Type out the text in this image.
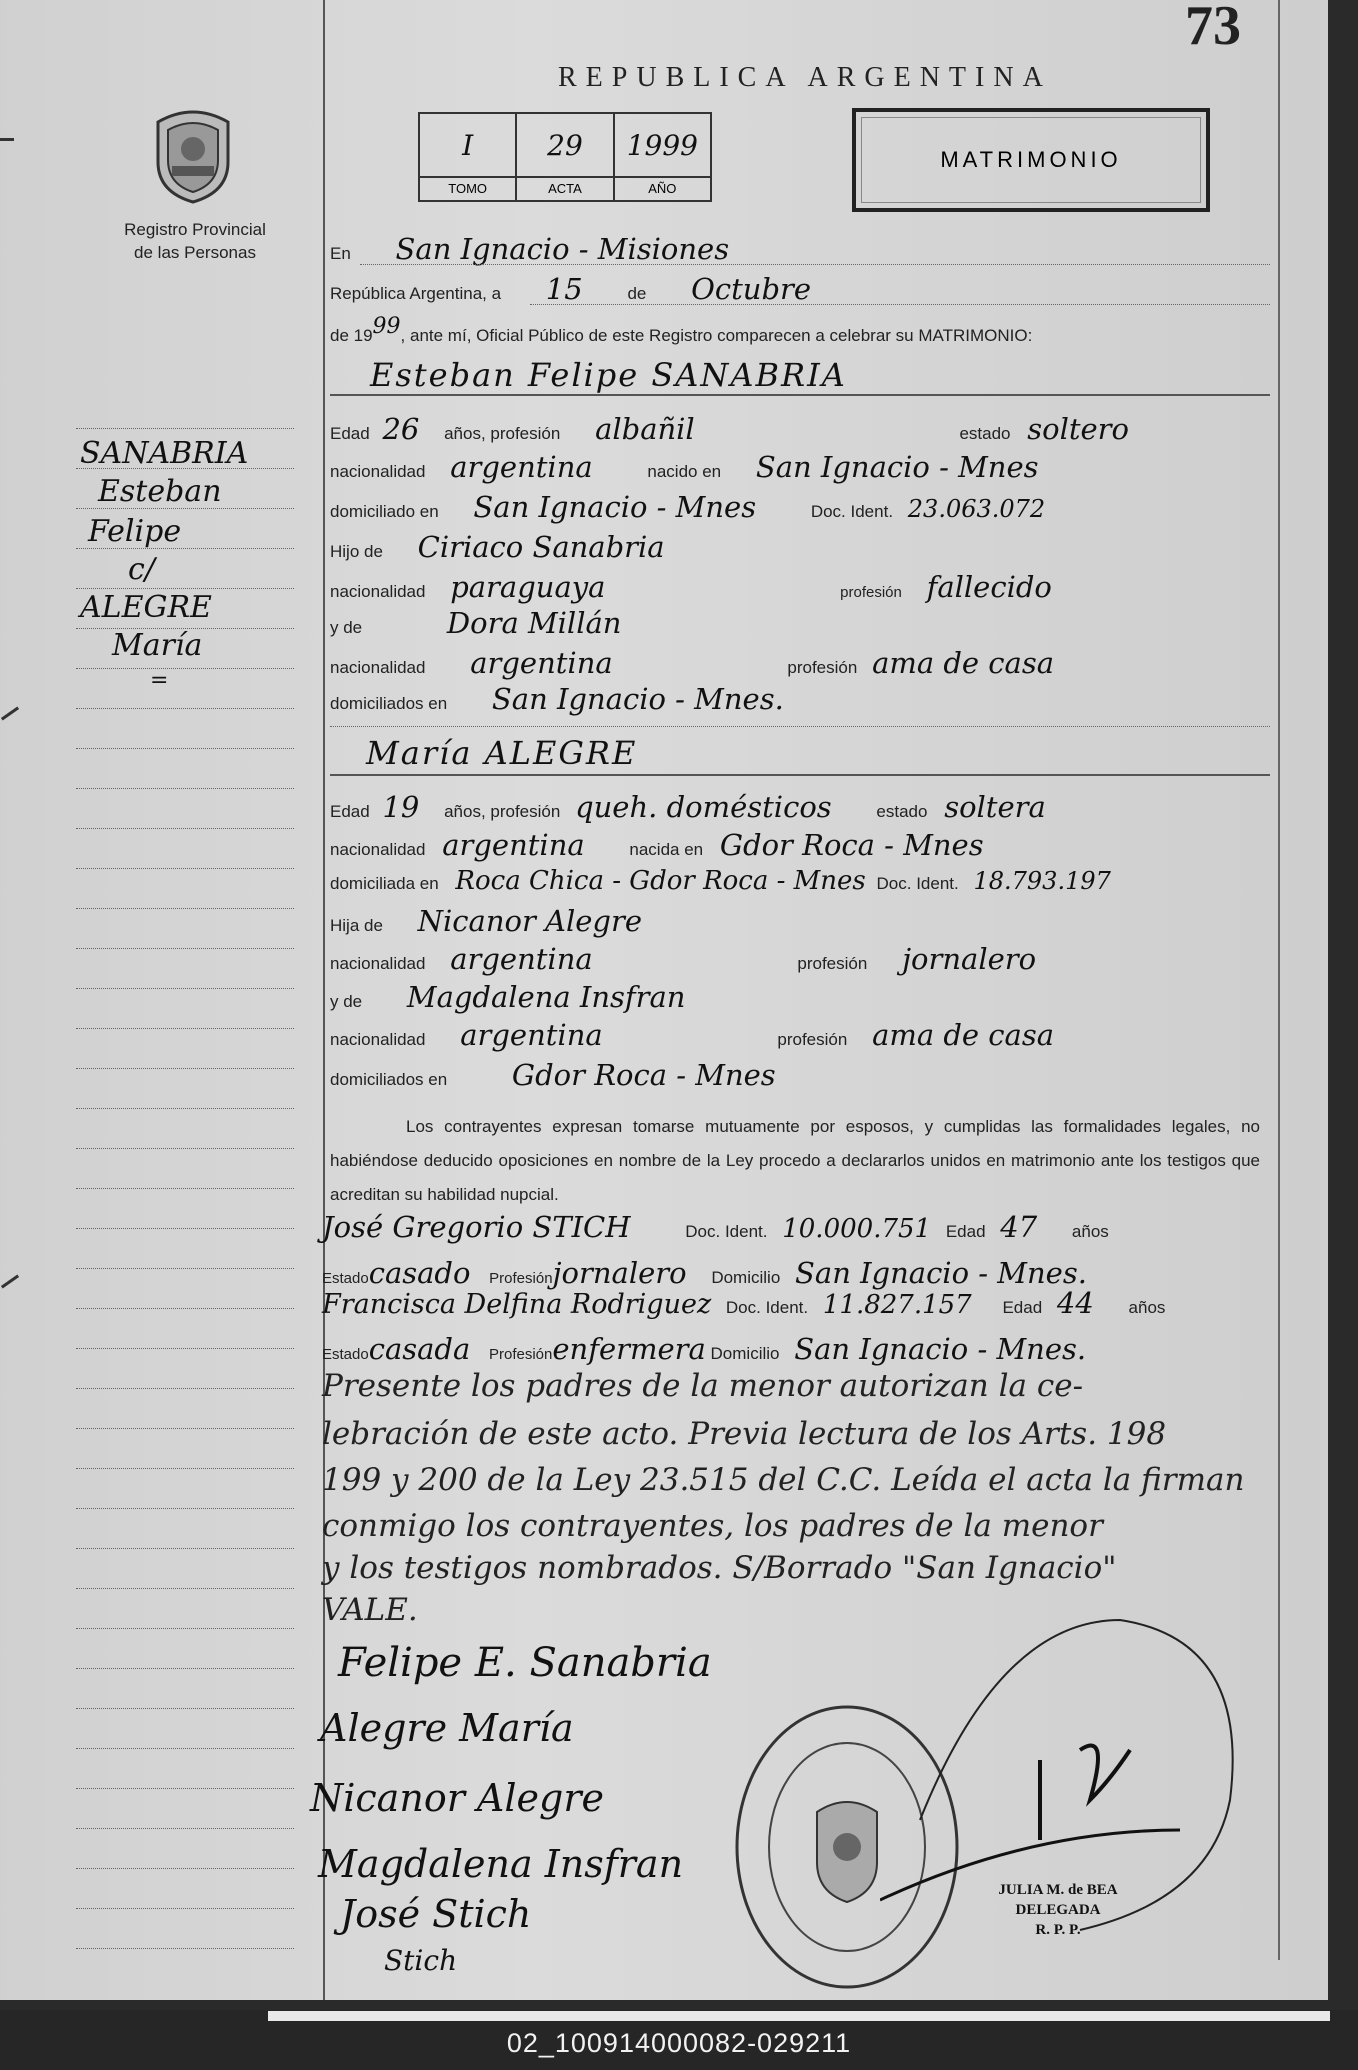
73
REPUBLICA ARGENTINA
Registro Provincial
de las Personas
I
TOMO
29
ACTA
1999
AÑO
MATRIMONIO
SANABRIA
Esteban
Felipe
c/
ALEGRE
María
=
En San Ignacio - Misiones
República Argentina, a 15	de Octubre
de 1999, ante mí, Oficial Público de este Registro comparecen a celebrar su MATRIMONIO:
Esteban Felipe SANABRIA
Edad 26 años, profesión albañil	estado soltero
nacionalidad argentina	nacido en San Ignacio - Mnes
domiciliado en San Ignacio - Mnes	Doc. Ident. 23.063.072
Hijo de Ciriaco Sanabria
nacionalidad paraguaya	profesión fallecido
y de	Dora Millán
nacionalidad argentina	profesión ama de casa
domiciliados en San Ignacio - Mnes.
María ALEGRE
Edad 19 años, profesión queh. domésticos	estado soltera
nacionalidad argentina	nacida en Gdor Roca - Mnes
domiciliada en Roca Chica - Gdor Roca - Mnes Doc. Ident. 18.793.197
Hija de Nicanor Alegre
nacionalidad argentina	profesión jornalero
y de Magdalena Insfran
nacionalidad argentina	profesión ama de casa
domiciliados en Gdor Roca - Mnes
Los contrayentes expresan tomarse mutuamente por esposos, y cumplidas las formalidades legales, no habiéndose deducido oposiciones en nombre de la Ley procedo a declararlos unidos en matrimonio ante los testigos que acreditan su habilidad nupcial.
José Gregorio STICH	Doc. Ident. 10.000.751 Edad 47 años
Estadocasado Profesiónjornalero Domicilio San Ignacio - Mnes.
Francisca Delfina Rodriguez Doc. Ident. 11.827.157 Edad 44 años
Estadocasada Profesiónenfermera Domicilio San Ignacio - Mnes.
Presente los padres de la menor autorizan la ce-
lebración de este acto. Previa lectura de los Arts. 198
199 y 200 de la Ley 23.515 del C.C. Leída el acta la firman
conmigo los contrayentes, los padres de la menor
y los testigos nombrados. S/Borrado "San Ignacio"
VALE.
Felipe E. Sanabria
Alegre María
Nicanor Alegre
Magdalena Insfran
José Stich
Stich
JULIA M. de BEA
DELEGADA
R. P. P.
02_100914000082-029211
